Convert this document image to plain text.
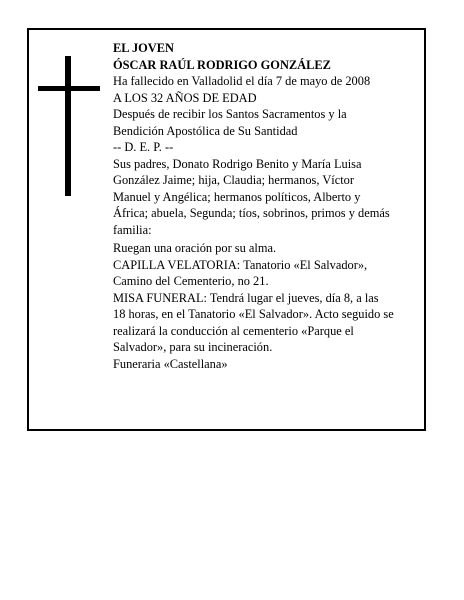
EL JOVEN

ÓSCAR RAÚL RODRIGO GONZÁLEZ

Ha fallecido en Valladolid el día 7 de mayo de 2008

A LOS 32 AÑOS DE EDAD

Después de recibir los Santos Sacramentos y la
Bendición Apostólica de Su Santidad

-- D. E. P. --

Sus padres, Donato Rodrigo Benito y María Luisa
González Jaime; hija, Claudia; hermanos, Víctor
Manuel y Angélica; hermanos políticos, Alberto y
África; abuela, Segunda; tíos, sobrinos, primos y demás
familia:

Ruegan una oración por su alma.

CAPILLA VELATORIA: Tanatorio «El Salvador»,
Camino del Cementerio, no 21.

MISA FUNERAL: Tendrá lugar el jueves, día 8, a las
18 horas, en el Tanatorio «El Salvador». Acto seguido se
realizará la conducción al cementerio «Parque el
Salvador», para su incineración.

Funeraria «Castellana»
